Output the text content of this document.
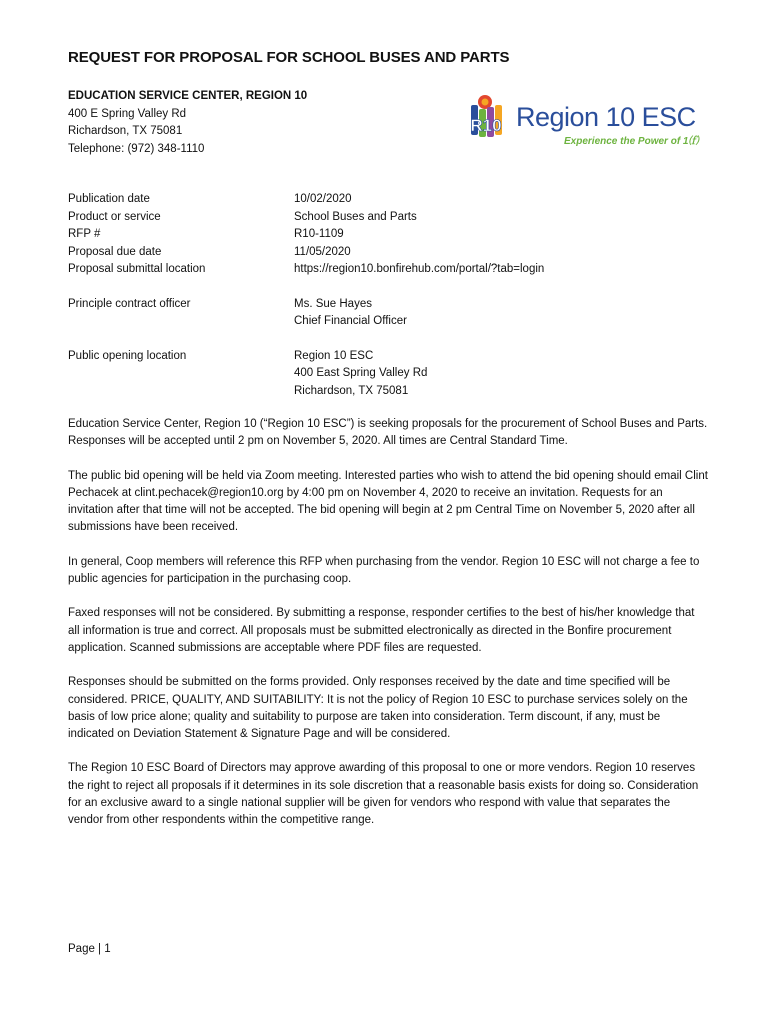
REQUEST FOR PROPOSAL FOR SCHOOL BUSES AND PARTS
EDUCATION SERVICE CENTER, REGION 10
400 E Spring Valley Rd
Richardson, TX 75081
Telephone: (972) 348-1110
R10 Region 10 ESC
Experience the Power of 1⒡
Publication date	10/02/2020
Product or service	School Buses and Parts
RFP #	R10-1109
Proposal due date	11/05/2020
Proposal submittal location	https://region10.bonfirehub.com/portal/?tab=login
Principle contract officer	Ms. Sue Hayes
Chief Financial Officer
Public opening location	Region 10 ESC
400 East Spring Valley Rd
Richardson, TX 75081

Education Service Center, Region 10 (“Region 10 ESC”) is seeking proposals for the procurement of School Buses and Parts. Responses will be accepted until 2 pm on November 5, 2020. All times are Central Standard Time.

The public bid opening will be held via Zoom meeting. Interested parties who wish to attend the bid opening should email Clint Pechacek at clint.pechacek@region10.org by 4:00 pm on November 4, 2020 to receive an invitation. Requests for an invitation after that time will not be accepted. The bid opening will begin at 2 pm Central Time on November 5, 2020 after all submissions have been received.

In general, Coop members will reference this RFP when purchasing from the vendor. Region 10 ESC will not charge a fee to public agencies for participation in the purchasing coop.

Faxed responses will not be considered. By submitting a response, responder certifies to the best of his/her knowledge that all information is true and correct. All proposals must be submitted electronically as directed in the Bonfire procurement application. Scanned submissions are acceptable where PDF files are requested.

Responses should be submitted on the forms provided. Only responses received by the date and time specified will be considered. PRICE, QUALITY, AND SUITABILITY: It is not the policy of Region 10 ESC to purchase services solely on the basis of low price alone; quality and suitability to purpose are taken into consideration. Term discount, if any, must be indicated on Deviation Statement & Signature Page and will be considered.

The Region 10 ESC Board of Directors may approve awarding of this proposal to one or more vendors. Region 10 reserves the right to reject all proposals if it determines in its sole discretion that a reasonable basis exists for doing so. Consideration for an exclusive award to a single national supplier will be given for vendors who respond with value that separates the vendor from other respondents within the competitive range.

Page | 1
